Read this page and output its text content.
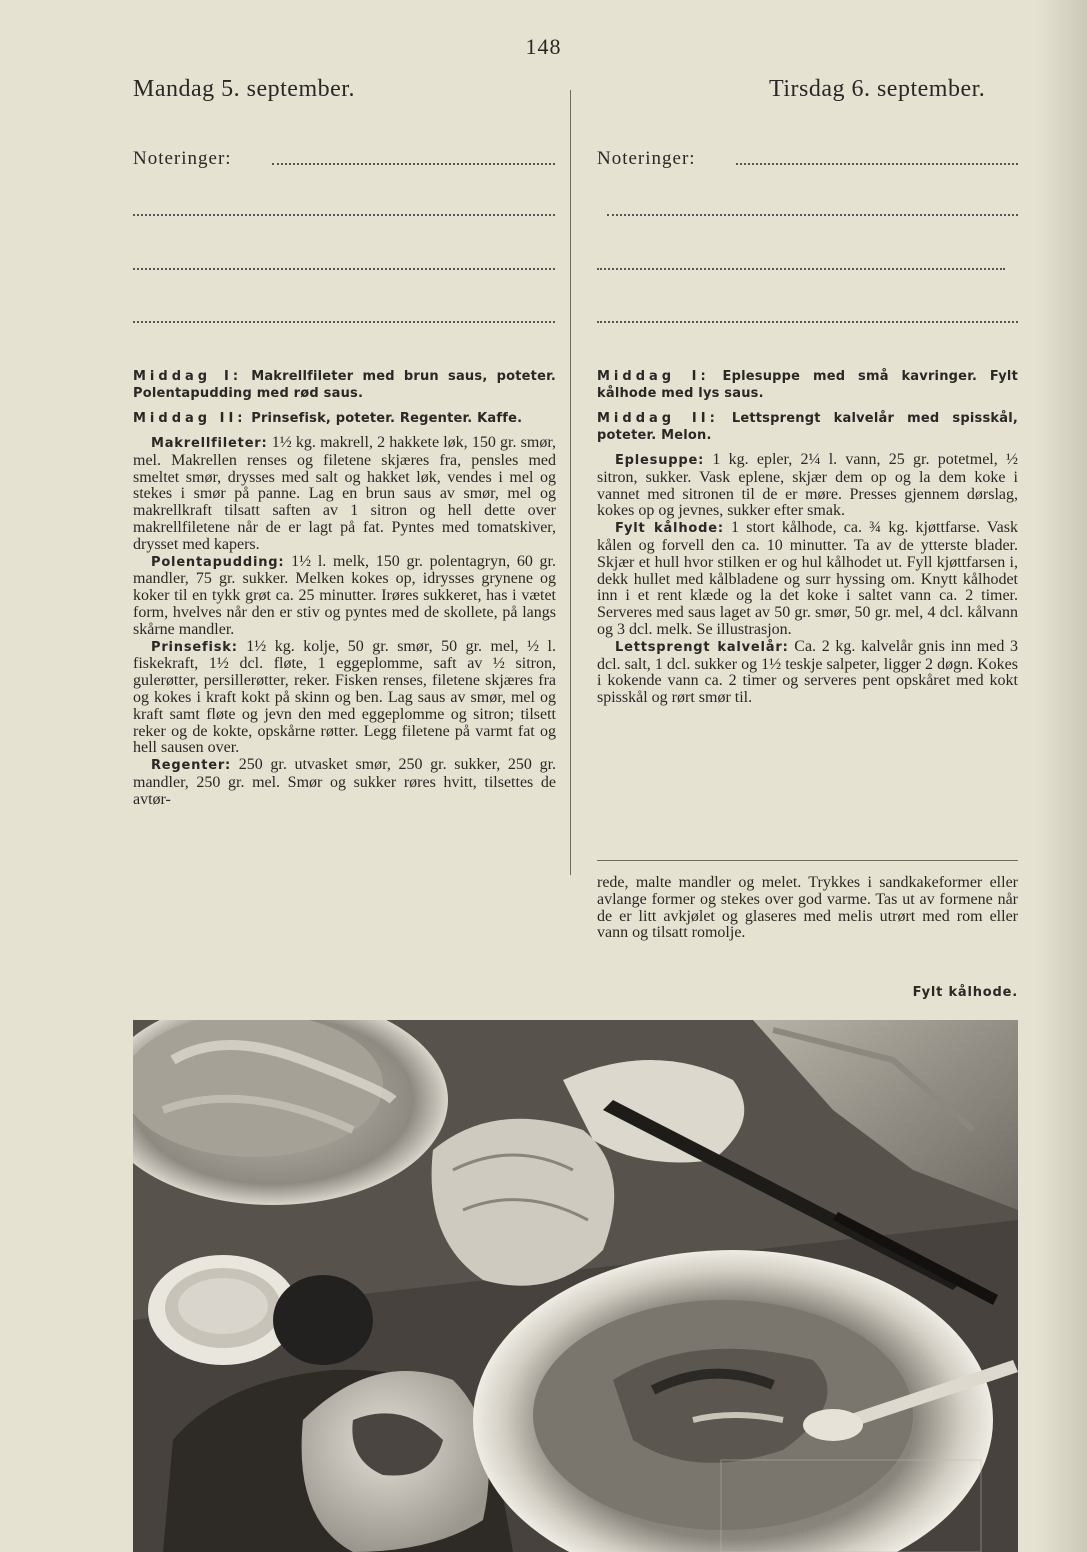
148
Mandag 5. september.	Tirsdag 6. september.
Noteringer:	Noteringer:

Middag I: Makrellfileter med brun saus, poteter. Polentapudding med rød saus.

Middag II: Prinsefisk, poteter. Regenter. Kaffe.

Makrellfileter: 1½ kg. makrell, 2 hakkete løk, 150 gr. smør, mel. Makrellen renses og filetene skjæres fra, pensles med smeltet smør, drysses med salt og hakket løk, vendes i mel og stekes i smør på panne. Lag en brun saus av smør, mel og makrellkraft tilsatt saften av 1 sitron og hell dette over makrellfiletene når de er lagt på fat. Pyntes med tomatskiver, drysset med kapers.

Polentapudding: 1½ l. melk, 150 gr. polentagryn, 60 gr. mandler, 75 gr. sukker. Melken kokes op, idrysses grynene og koker til en tykk grøt ca. 25 minutter. Irøres sukkeret, has i vætet form, hvelves når den er stiv og pyntes med de skollete, på langs skårne mandler.

Prinsefisk: 1½ kg. kolje, 50 gr. smør, 50 gr. mel, ½ l. fiskekraft, 1½ dcl. fløte, 1 eggeplomme, saft av ½ sitron, gulerøtter, persillerøtter, reker. Fisken renses, filetene skjæres fra og kokes i kraft kokt på skinn og ben. Lag saus av smør, mel og kraft samt fløte og jevn den med eggeplomme og sitron; tilsett reker og de kokte, opskårne røtter. Legg filetene på varmt fat og hell sausen over.

Regenter: 250 gr. utvasket smør, 250 gr. sukker, 250 gr. mandler, 250 gr. mel. Smør og sukker røres hvitt, tilsettes de avtør-

Middag I: Eplesuppe med små kavringer. Fylt kålhode med lys saus.

Middag II: Lettsprengt kalvelår med spisskål, poteter. Melon.

Eplesuppe: 1 kg. epler, 2¼ l. vann, 25 gr. potetmel, ½ sitron, sukker. Vask eplene, skjær dem op og la dem koke i vannet med sitronen til de er møre. Presses gjennem dørslag, kokes op og jevnes, sukker efter smak.

Fylt kålhode: 1 stort kålhode, ca. ¾ kg. kjøttfarse. Vask kålen og forvell den ca. 10 minutter. Ta av de ytterste blader. Skjær et hull hvor stilken er og hul kålhodet ut. Fyll kjøttfarsen i, dekk hullet med kålbladene og surr hyssing om. Knytt kålhodet inn i et rent klæde og la det koke i saltet vann ca. 2 timer. Serveres med saus laget av 50 gr. smør, 50 gr. mel, 4 dcl. kålvann og 3 dcl. melk. Se illustrasjon.

Lettsprengt kalvelår: Ca. 2 kg. kalvelår gnis inn med 3 dcl. salt, 1 dcl. sukker og 1½ teskje salpeter, ligger 2 døgn. Kokes i kokende vann ca. 2 timer og serveres pent opskåret med kokt spisskål og rørt smør til.

rede, malte mandler og melet. Trykkes i sandkakeformer eller avlange former og stekes over god varme. Tas ut av formene når de er litt avkjølet og glaseres med melis utrørt med rom eller vann og tilsatt romolje.

Fylt kålhode.
